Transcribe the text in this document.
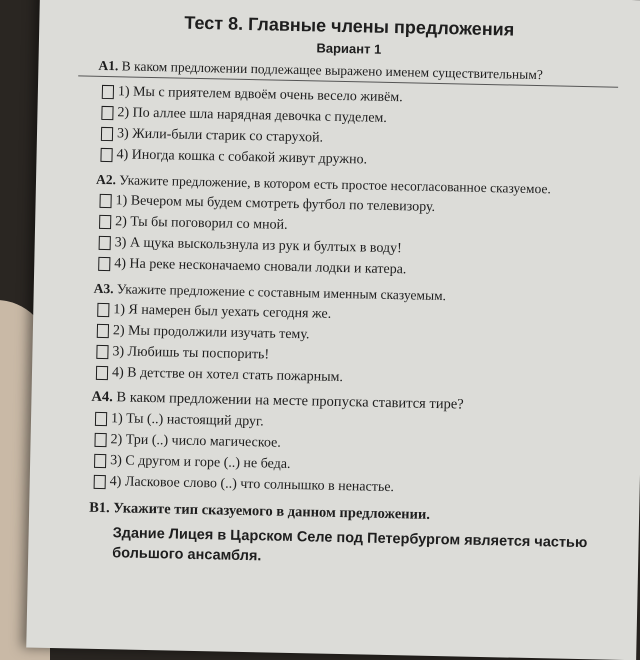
Тест 8. Главные члены предложения
Вариант 1
А1. В каком предложении подлежащее выражено именем существительным?
1) Мы с приятелем вдвоём очень весело живём.
2) По аллее шла нарядная девочка с пуделем.
3) Жили-были старик со старухой.
4) Иногда кошка с собакой живут дружно.
А2. Укажите предложение, в котором есть простое несогласованное сказуемое.
1) Вечером мы будем смотреть футбол по телевизору.
2) Ты бы поговорил со мной.
3) А щука выскользнула из рук и бултых в воду!
4) На реке несконачаемо сновали лодки и катера.
А3. Укажите предложение с составным именным сказуемым.
1) Я намерен был уехать сегодня же.
2) Мы продолжили изучать тему.
3) Любишь ты поспорить!
4) В детстве он хотел стать пожарным.
А4. В каком предложении на месте пропуска ставится тире?
1) Ты (..) настоящий друг.
2) Три (..) число магическое.
3) С другом и горе (..) не беда.
4) Ласковое слово (..) что солнышко в ненастье.
В1. Укажите тип сказуемого в данном предложении.
Здание Лицея в Царском Селе под Петербургом является частью большого ансамбля.
